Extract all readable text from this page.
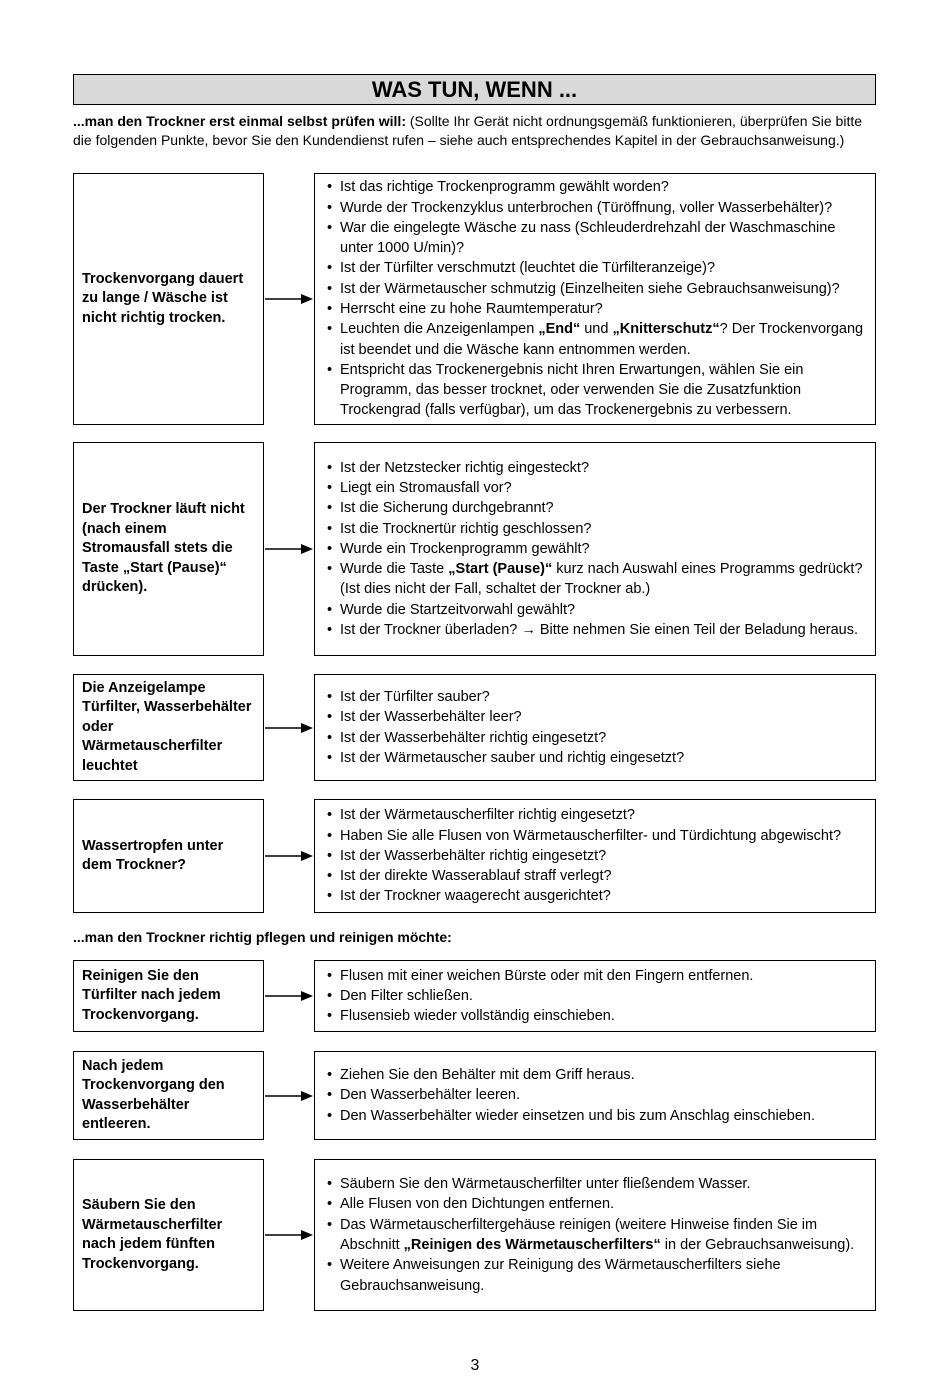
WAS TUN, WENN ...
...man den Trockner erst einmal selbst prüfen will: (Sollte Ihr Gerät nicht ordnungsgemäß funktionieren, überprüfen Sie bitte die folgenden Punkte, bevor Sie den Kundendienst rufen – siehe auch entsprechendes Kapitel in der Gebrauchsanweisung.)
Trockenvorgang dauert zu lange / Wäsche ist nicht richtig trocken.
• Ist das richtige Trockenprogramm gewählt worden?
• Wurde der Trockenzyklus unterbrochen (Türöffnung, voller Wasserbehälter)?
• War die eingelegte Wäsche zu nass (Schleuderdrehzahl der Waschmaschine unter 1000 U/min)?
• Ist der Türfilter verschmutzt (leuchtet die Türfilteranzeige)?
• Ist der Wärmetauscher schmutzig (Einzelheiten siehe Gebrauchsanweisung)?
• Herrscht eine zu hohe Raumtemperatur?
• Leuchten die Anzeigenlampen „End“ und „Knitterschutz“? Der Trockenvorgang ist beendet und die Wäsche kann entnommen werden.
• Entspricht das Trockenergebnis nicht Ihren Erwartungen, wählen Sie ein Programm, das besser trocknet, oder verwenden Sie die Zusatzfunktion Trockengrad (falls verfügbar), um das Trockenergebnis zu verbessern.
Der Trockner läuft nicht (nach einem Stromausfall stets die Taste „Start (Pause)“ drücken).
• Ist der Netzstecker richtig eingesteckt?
• Liegt ein Stromausfall vor?
• Ist die Sicherung durchgebrannt?
• Ist die Trocknertür richtig geschlossen?
• Wurde ein Trockenprogramm gewählt?
• Wurde die Taste „Start (Pause)“ kurz nach Auswahl eines Programms gedrückt? (Ist dies nicht der Fall, schaltet der Trockner ab.)
• Wurde die Startzeitvorwahl gewählt?
• Ist der Trockner überladen? → Bitte nehmen Sie einen Teil der Beladung heraus.
Die Anzeigelampe Türfilter, Wasserbehälter oder Wärmetauscherfilter leuchtet
• Ist der Türfilter sauber?
• Ist der Wasserbehälter leer?
• Ist der Wasserbehälter richtig eingesetzt?
• Ist der Wärmetauscher sauber und richtig eingesetzt?
Wassertropfen unter dem Trockner?
• Ist der Wärmetauscherfilter richtig eingesetzt?
• Haben Sie alle Flusen von Wärmetauscherfilter- und Türdichtung abgewischt?
• Ist der Wasserbehälter richtig eingesetzt?
• Ist der direkte Wasserablauf straff verlegt?
• Ist der Trockner waagerecht ausgerichtet?
Reinigen Sie den Türfilter nach jedem Trockenvorgang.
• Flusen mit einer weichen Bürste oder mit den Fingern entfernen.
• Den Filter schließen.
• Flusensieb wieder vollständig einschieben.
Nach jedem Trockenvorgang den Wasserbehälter entleeren.
• Ziehen Sie den Behälter mit dem Griff heraus.
• Den Wasserbehälter leeren.
• Den Wasserbehälter wieder einsetzen und bis zum Anschlag einschieben.
Säubern Sie den Wärmetauscherfilter nach jedem fünften Trockenvorgang.
• Säubern Sie den Wärmetauscherfilter unter fließendem Wasser.
• Alle Flusen von den Dichtungen entfernen.
• Das Wärmetauscherfiltergehäuse reinigen (weitere Hinweise finden Sie im Abschnitt „Reinigen des Wärmetauscherfilters“ in der Gebrauchsanweisung).
• Weitere Anweisungen zur Reinigung des Wärmetauscherfilters siehe Gebrauchsanweisung.
...man den Trockner richtig pflegen und reinigen möchte:
3
